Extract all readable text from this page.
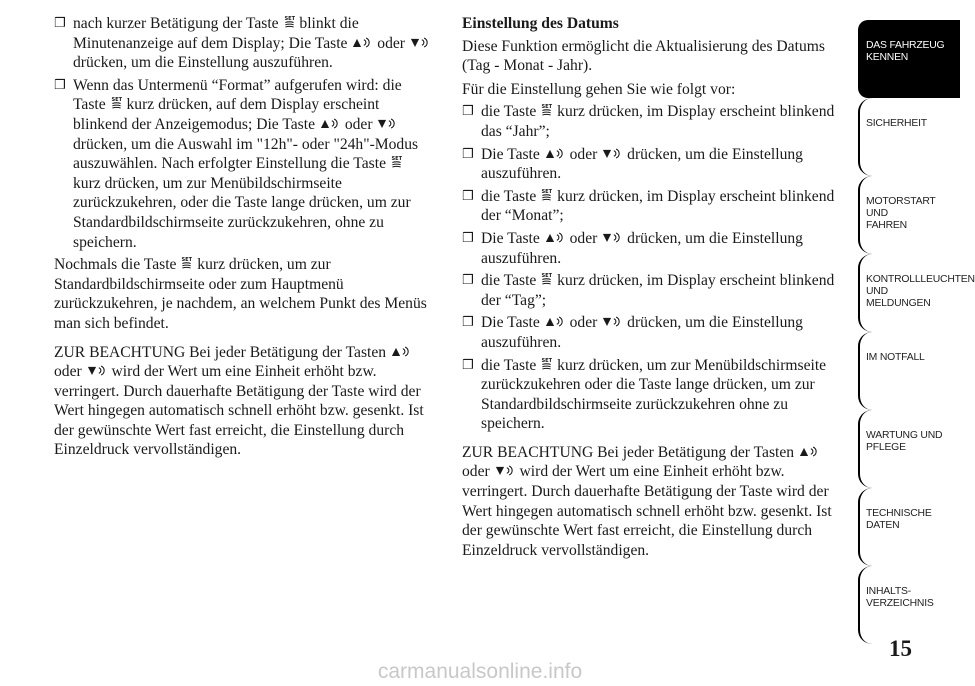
❒ nach kurzer Betätigung der Taste blinkt die Minutenanzeige auf dem Display; Die Taste oder
drücken, um die Einstellung auszuführen.
❒ Wenn das Untermenü “Format” aufgerufen wird: die Taste kurz drücken, auf dem Display erscheint blinkend der Anzeigemodus; Die Taste oder
drücken, um die Auswahl im "12h"- oder "24h"-Modus auszuwählen. Nach erfolgter Einstellung die Taste
kurz drücken, um zur Menübildschirmseite zurückzukehren, oder die Taste lange drücken, um zur Standardbildschirmseite zurückzukehren, ohne zu speichern.

Nochmals die Taste kurz drücken, um zur Standardbildschirmseite oder zum Hauptmenü zurückzukehren, je nachdem, an welchem Punkt des Menüs man sich befindet.

ZUR BEACHTUNG Bei jeder Betätigung der Tasten
oder wird der Wert um eine Einheit erhöht bzw. verringert. Durch dauerhafte Betätigung der Taste wird der Wert hingegen automatisch schnell erhöht bzw. gesenkt. Ist der gewünschte Wert fast erreicht, die Einstellung durch Einzeldruck vervollständigen.

Einstellung des Datums

Diese Funktion ermöglicht die Aktualisierung des Datums (Tag - Monat - Jahr).

Für die Einstellung gehen Sie wie folgt vor:

❒ die Taste kurz drücken, im Display erscheint blinkend das “Jahr”;
❒ Die Taste oder drücken, um die Einstellung auszuführen.
❒ die Taste kurz drücken, im Display erscheint blinkend der “Monat”;
❒ Die Taste oder drücken, um die Einstellung auszuführen.
❒ die Taste kurz drücken, im Display erscheint blinkend der “Tag”;
❒ Die Taste oder drücken, um die Einstellung auszuführen.
❒ die Taste kurz drücken, um zur Menübildschirmseite zurückzukehren oder die Taste lange drücken, um zur Standardbildschirmseite zurückzukehren ohne zu speichern.

ZUR BEACHTUNG Bei jeder Betätigung der Tasten
oder wird der Wert um eine Einheit erhöht bzw. verringert. Durch dauerhafte Betätigung der Taste wird der Wert hingegen automatisch schnell erhöht bzw. gesenkt. Ist der gewünschte Wert fast erreicht, die Einstellung durch Einzeldruck vervollständigen.

DAS FAHRZEUG
KENNEN
SICHERHEIT
MOTORSTART UND
FAHREN
KONTROLLLEUCHTEN
UND MELDUNGEN
IM NOTFALL
WARTUNG UND
PFLEGE
TECHNISCHE
DATEN
INHALTS-
VERZEICHNIS
15
carmanualsonline.info
